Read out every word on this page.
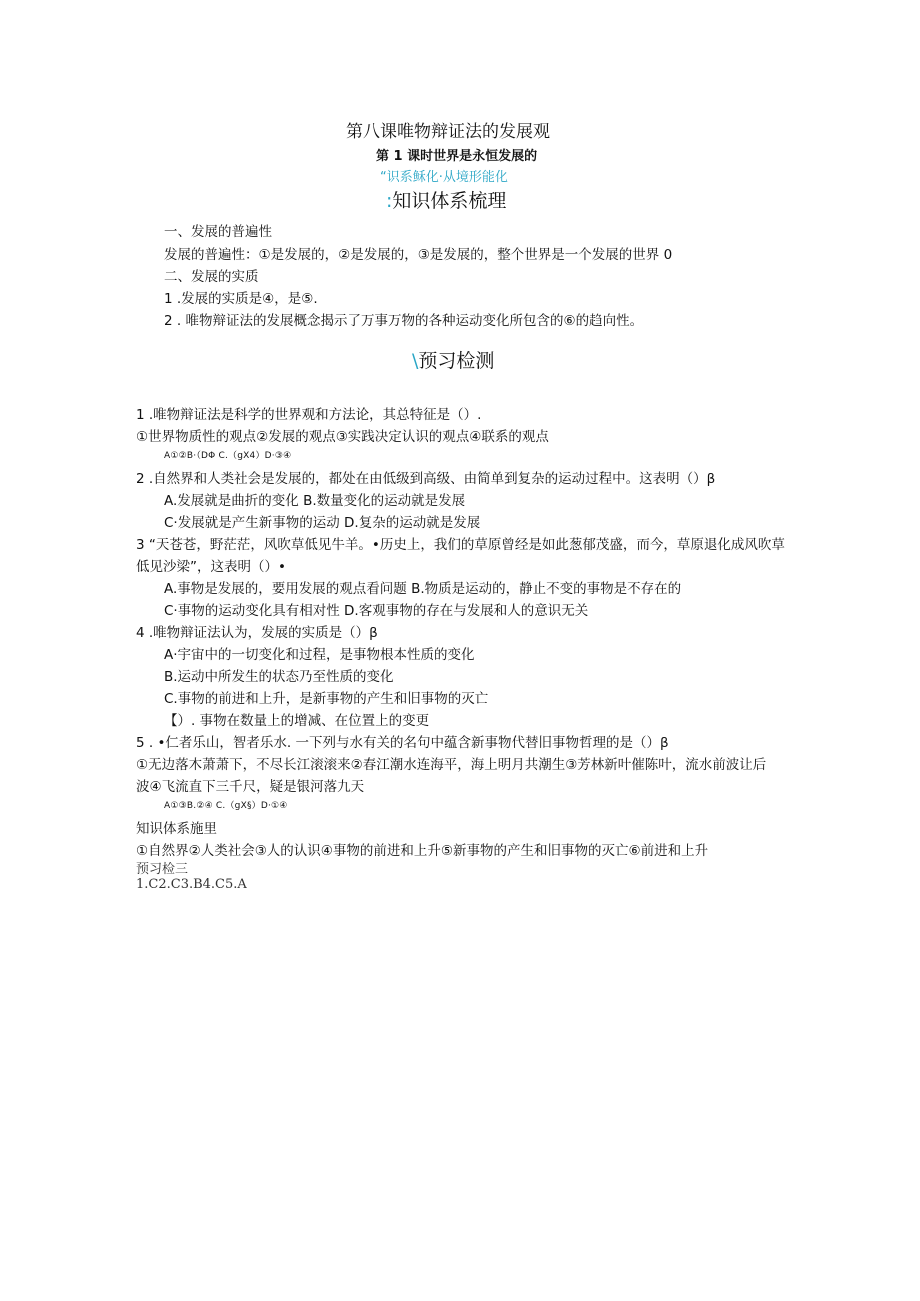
第八课唯物辩证法的发展观
第 1 课时世界是永恒发展的
“识系稣化·从境形能化
:知识体系梳理
一、发展的普遍性
发展的普遍性：①是发展的，②是发展的，③是发展的，整个世界是一个发展的世界 0
二、发展的实质
1 .发展的实质是④，是⑤.
2 . 唯物辩证法的发展概念揭示了万事万物的各种运动变化所包含的⑥的趋向性。
\预习检测
1 .唯物辩证法是科学的世界观和方法论，其总特征是（）.
①世界物质性的观点②发展的观点③实践决定认识的观点④联系的观点
A①②B·（DΦ C.（gX4）D·③④
2 .自然界和人类社会是发展的，都处在由低级到高级、由简单到复杂的运动过程中。这表明（）β
A.发展就是曲折的变化 B.数量变化的运动就是发展
C·发展就是产生新事物的运动 D.复杂的运动就是发展
3 “天苍苍，野茫茫，风吹草低见牛羊。•历史上，我们的草原曾经是如此葱郁茂盛，而今，草原退化成风吹草
低见沙梁”，这表明（）•
A.事物是发展的，要用发展的观点看问题 B.物质是运动的，静止不变的事物是不存在的
C·事物的运动变化具有相对性 D.客观事物的存在与发展和人的意识无关
4 .唯物辩证法认为，发展的实质是（）β
A·宇宙中的一切变化和过程，是事物根本性质的变化
B.运动中所发生的状态乃至性质的变化
C.事物的前进和上升，是新事物的产生和旧事物的灭亡
【）. 事物在数量上的增减、在位置上的变更
5 . •仁者乐山，智者乐水. 一下列与水有关的名句中蕴含新事物代替旧事物哲理的是（）β
①无边落木萧萧下，不尽长江滚滚来②春江潮水连海平，海上明月共潮生③芳林新叶催陈叶，流水前波让后
波④飞流直下三千尺，疑是银河落九天
A①③B.②④ C.（gX§）D·①④
知识体系施里
①自然界②人类社会③人的认识④事物的前进和上升⑤新事物的产生和旧事物的灭亡⑥前进和上升
预习检三
1.C2.C3.B4.C5.A
